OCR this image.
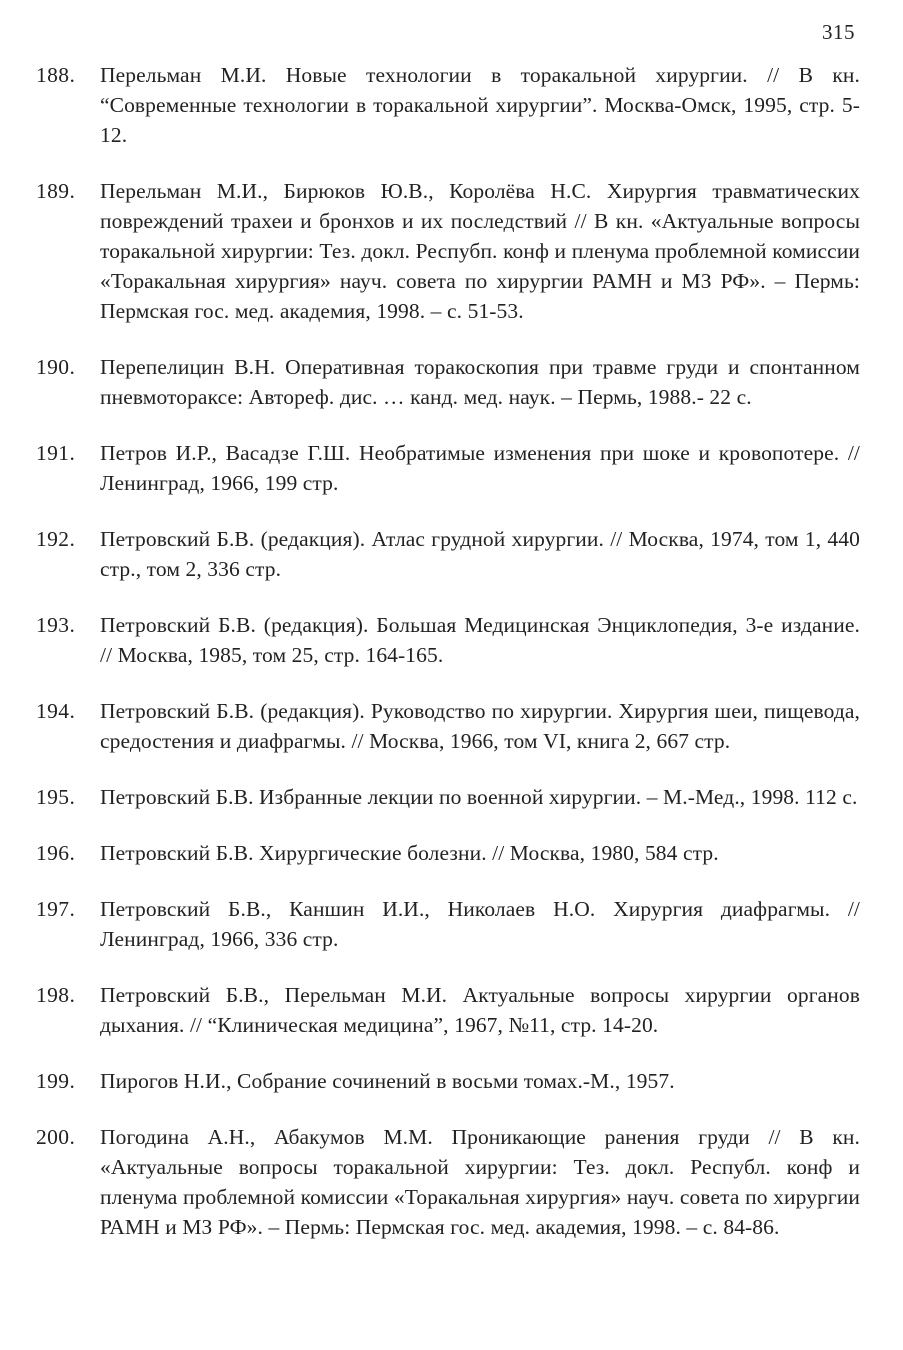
315
188.	Перельман М.И. Новые технологии в торакальной хирургии. // В кн. “Современные технологии в торакальной хирургии”. Москва-Омск, 1995, стр. 5-12.
189.	Перельман М.И., Бирюков Ю.В., Королёва Н.С. Хирургия травматических повреждений трахеи и бронхов и их последствий // В кн. «Актуальные вопросы торакальной хирургии: Тез. докл. Респубп. конф и пленума проблемной комиссии «Торакальная хирургия» науч. совета по хирургии РАМН и МЗ РФ». – Пермь: Пермская гос. мед. академия, 1998. – с. 51-53.
190.	Перепелицин В.Н. Оперативная торакоскопия при травме груди и спонтанном пневмотораксе: Автореф. дис. … канд. мед. наук. – Пермь, 1988.- 22 с.
191.	Петров И.Р., Васадзе Г.Ш. Необратимые изменения при шоке и кровопотере. // Ленинград, 1966, 199 стр.
192.	Петровский Б.В. (редакция). Атлас грудной хирургии. // Москва, 1974, том 1, 440 стр., том 2, 336 стр.
193.	Петровский Б.В. (редакция). Большая Медицинская Энциклопедия, 3-е издание. // Москва, 1985, том 25, стр. 164-165.
194.	Петровский Б.В. (редакция). Руководство по хирургии. Хирургия шеи, пищевода, средостения и диафрагмы. // Москва, 1966, том VI, книга 2, 667 стр.
195.	Петровский Б.В. Избранные лекции по военной хирургии. – М.-Мед., 1998. 112 с.
196.	Петровский Б.В. Хирургические болезни. // Москва, 1980, 584 стр.
197.	Петровский Б.В., Каншин И.И., Николаев Н.О. Хирургия диафрагмы. // Ленинград, 1966, 336 стр.
198.	Петровский Б.В., Перельман М.И. Актуальные вопросы хирургии органов дыхания. // “Клиническая медицина”, 1967, №11, стр. 14-20.
199.	Пирогов Н.И., Собрание сочинений в восьми томах.-М., 1957.
200.	Погодина А.Н., Абакумов М.М. Проникающие ранения груди // В кн. «Актуальные вопросы торакальной хирургии: Тез. докл. Республ. конф и пленума проблемной комиссии «Торакальная хирургия» науч. совета по хирургии РАМН и МЗ РФ». – Пермь: Пермская гос. мед. академия, 1998. – с. 84-86.
